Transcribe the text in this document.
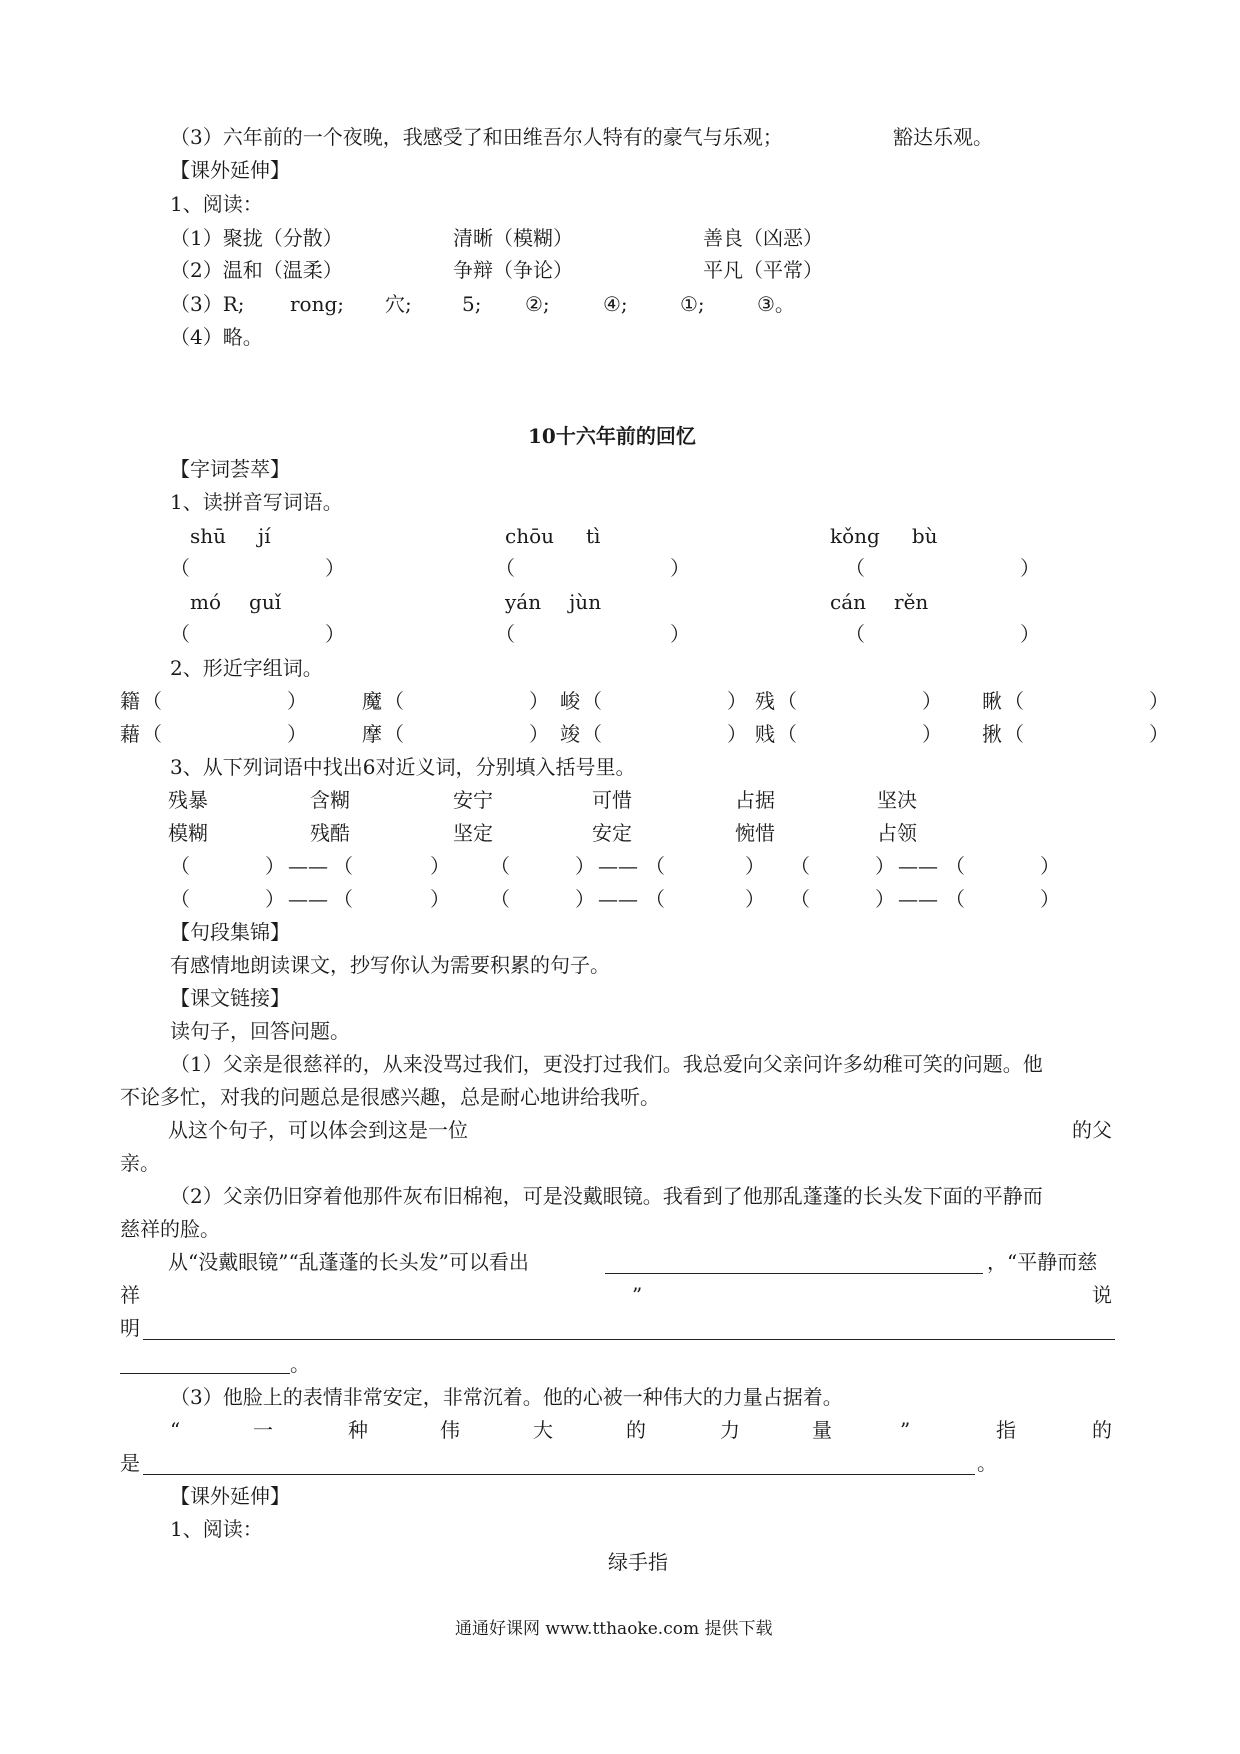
（3）六年前的一个夜晚，我感受了和田维吾尔人特有的豪气与乐观；	豁达乐观。
【课外延伸】
1、阅读：
（1）聚拢（分散）	清晰（模糊）	善良（凶恶）
（2）温和（温柔）	争辩（争论）	平凡（平常）
（3）R; rong; 穴;	5; ②;	④;	①;	③。
（4）略。
10十六年前的回忆
【字词荟萃】
1、读拼音写词语。
shū jí	chōu tì	kǒng bù
（	）	（	）	（	）
mó guǐ	yán jùn	cán rěn
（	）	（	）	（	）
2、形近字组词。
籍 （	）	魔 （	） 峻 （	） 残 （	） 瞅 （	）
藉 （	）	摩 （	） 竣 （	） 贱 （	） 揪 （	）
3、从下列词语中找出6对近义词，分别填入括号里。
残暴	含糊	安宁	可惜	占据	坚决
模糊	残酷	坚定	安定	惋惜	占领
（	） —— （	） （	） —— （	） （	） —— （	）
（	） —— （	） （	） —— （	） （	） —— （	）
【句段集锦】
有感情地朗读课文，抄写你认为需要积累的句子。
【课文链接】
读句子，回答问题。
（1）父亲是很慈祥的，从来没骂过我们，更没打过我们。我总爱向父亲问许多幼稚可笑的问题。他
不论多忙，对我的问题总是很感兴趣，总是耐心地讲给我听。
从这个句子，可以体会到这是一位	的父
亲。
（2）父亲仍旧穿着他那件灰布旧棉袍，可是没戴眼镜。我看到了他那乱蓬蓬的长头发下面的平静而
慈祥的脸。
从“没戴眼镜”“乱蓬蓬的长头发”可以看出	，“平静而慈
祥	”	说
明
。
（3）他脸上的表情非常安定，非常沉着。他的心被一种伟大的力量占据着。
“	一	种	伟	大	的	力	量	”	指	的
是	。
【课外延伸】
1、阅读：
绿手指
通通好课网 www.tthaoke.com 提供下载
